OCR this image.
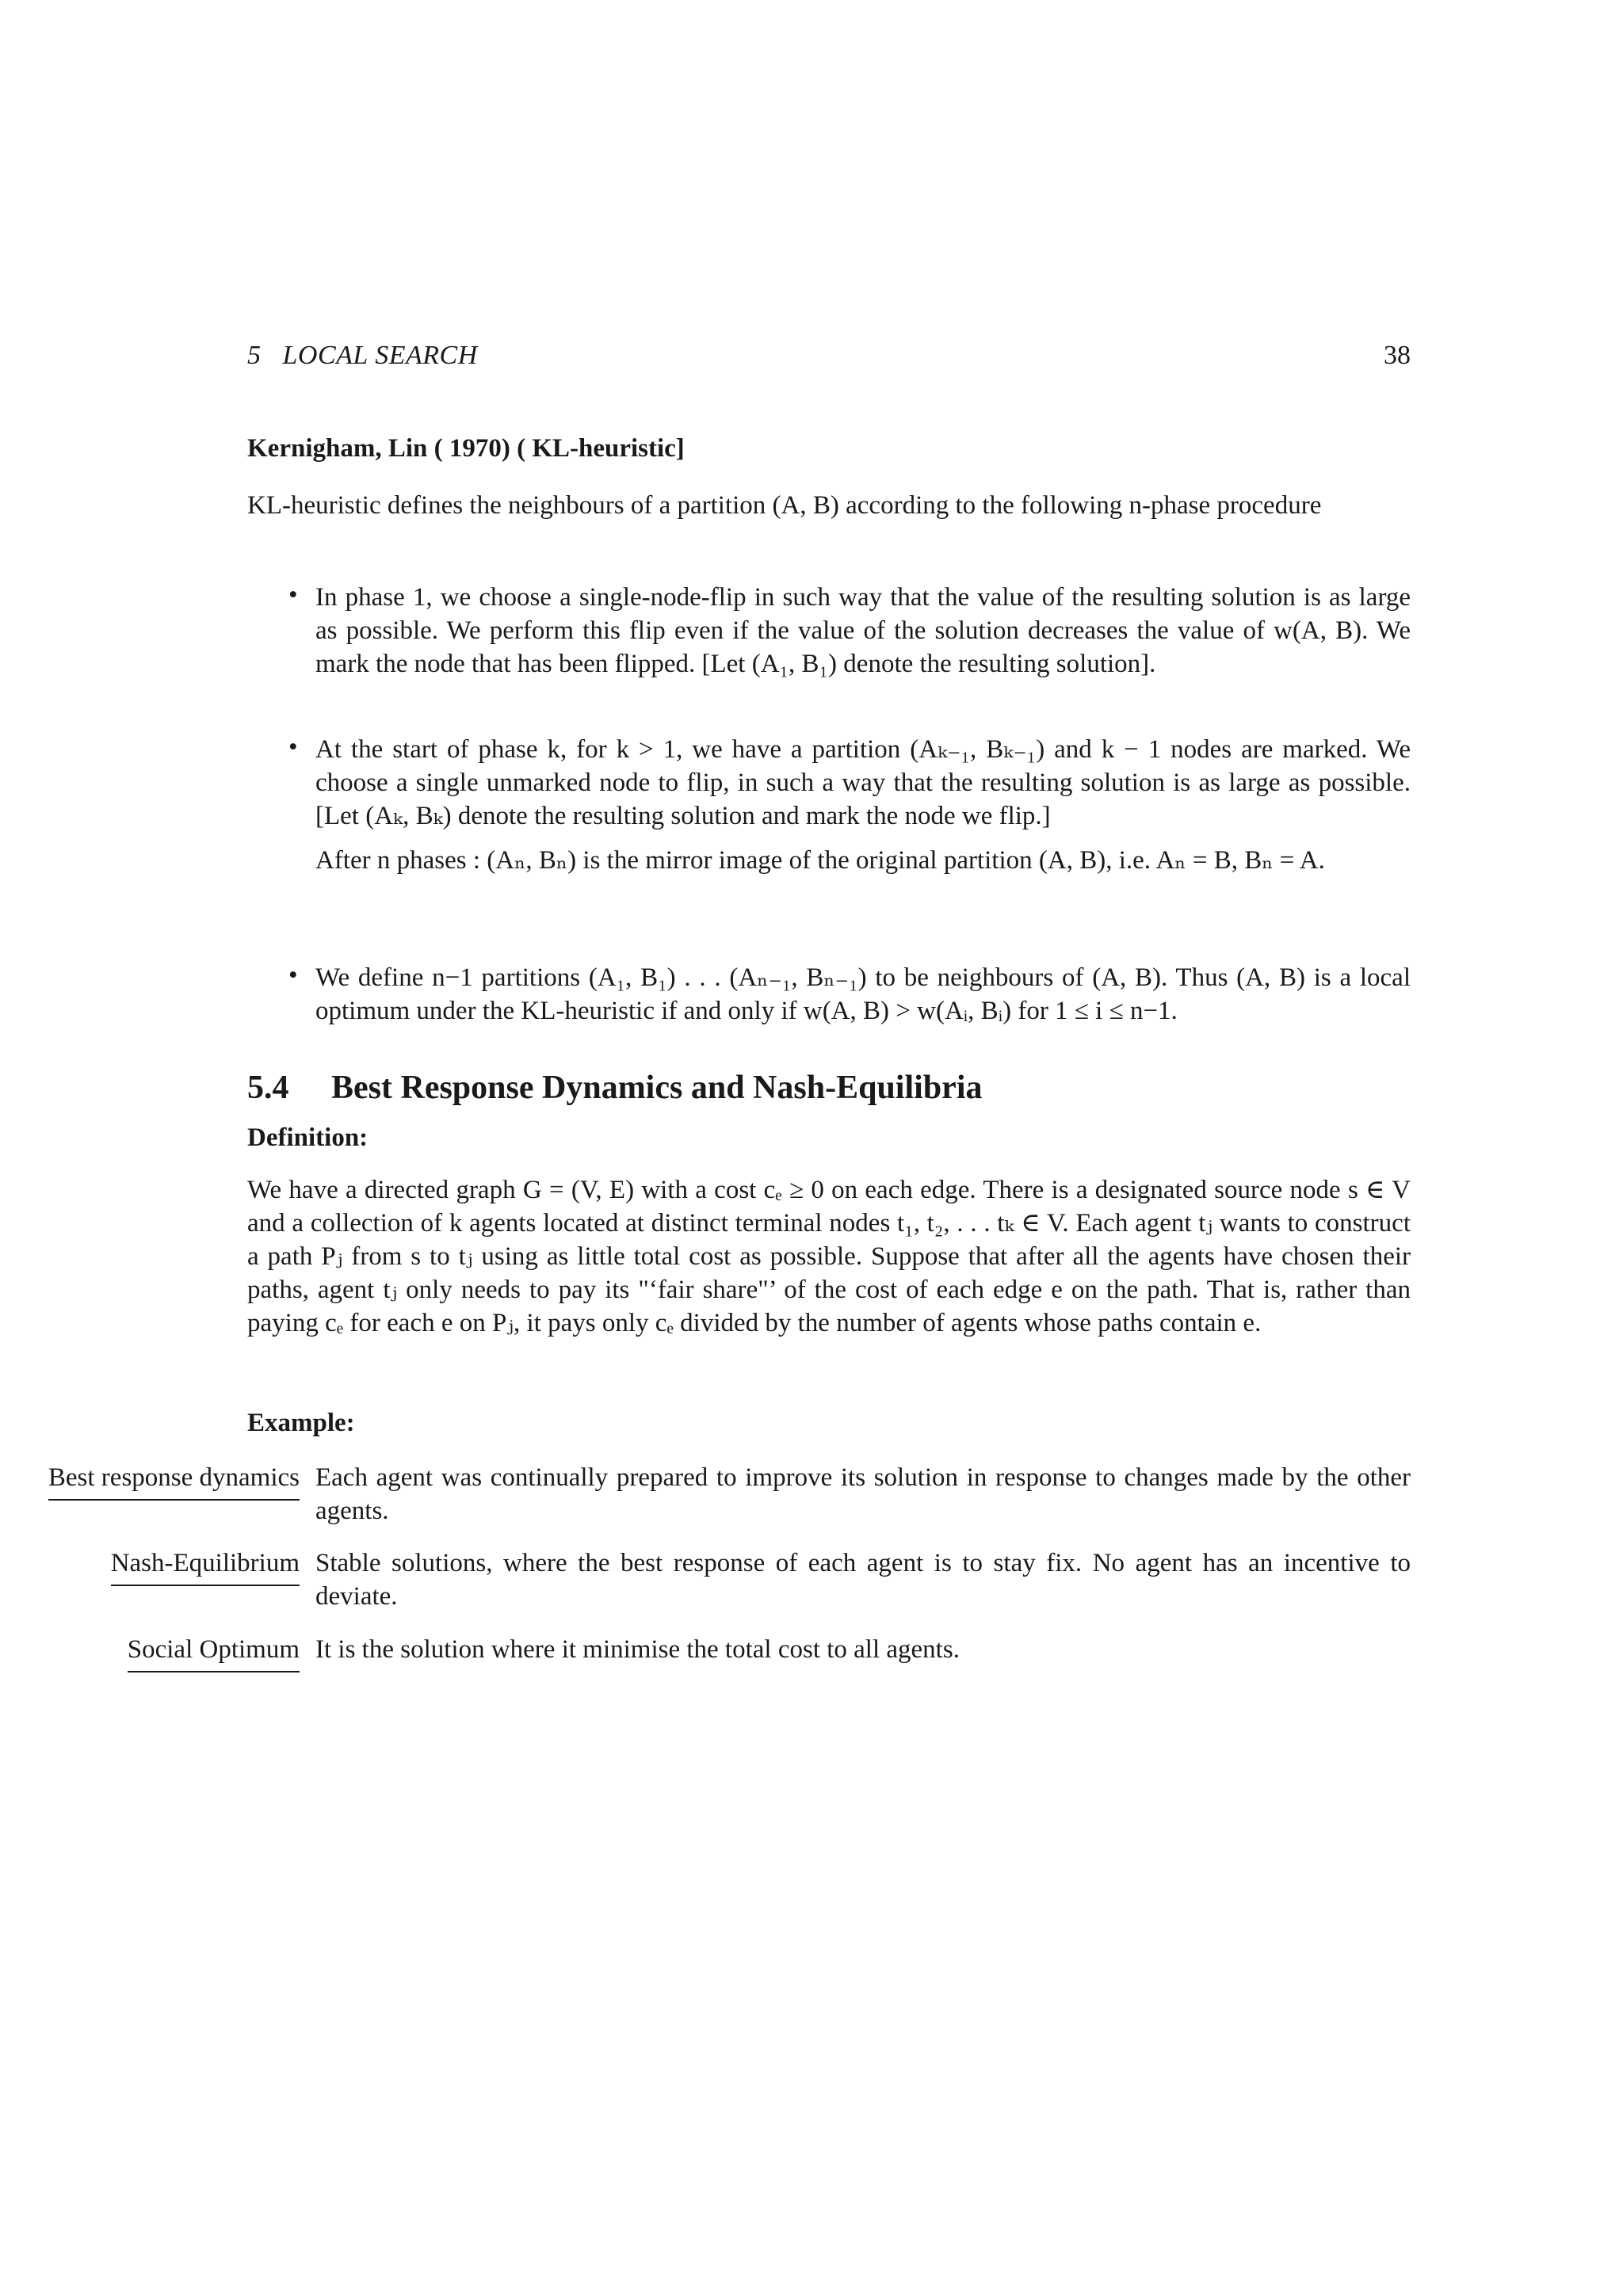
5   LOCAL SEARCH	38

Kernigham, Lin ( 1970) ( KL-heuristic]

KL-heuristic defines the neighbours of a partition (A, B) according to the following n-phase procedure

• In phase 1, we choose a single-node-flip in such way that the value of the resulting solution is as large as possible. We perform this flip even if the value of the solution decreases the value of w(A, B). We mark the node that has been flipped. [Let (A₁, B₁) denote the resulting solution].

• At the start of phase k, for k > 1, we have a partition (Aₖ₋₁, Bₖ₋₁) and k − 1 nodes are marked. We choose a single unmarked node to flip, in such a way that the resulting solution is as large as possible. [Let (Aₖ, Bₖ) denote the resulting solution and mark the node we flip.]

After n phases : (Aₙ, Bₙ) is the mirror image of the original partition (A, B), i.e. Aₙ = B, Bₙ = A.

• We define n−1 partitions (A₁, B₁) . . . (Aₙ₋₁, Bₙ₋₁) to be neighbours of (A, B). Thus (A, B) is a local optimum under the KL-heuristic if and only if w(A, B) > w(Aᵢ, Bᵢ) for 1 ≤ i ≤ n−1.

5.4 Best Response Dynamics and Nash-Equilibria

Definition:

We have a directed graph G = (V, E) with a cost cₑ ≥ 0 on each edge. There is a designated source node s ∈ V and a collection of k agents located at distinct terminal nodes t₁, t₂, . . . tₖ ∈ V. Each agent tⱼ wants to construct a path Pⱼ from s to tⱼ using as little total cost as possible. Suppose that after all the agents have chosen their paths, agent tⱼ only needs to pay its "‘fair share"’ of the cost of each edge e on the path. That is, rather than paying cₑ for each e on Pⱼ, it pays only cₑ divided by the number of agents whose paths contain e.

Example:

Best response dynamics Each agent was continually prepared to improve its solution in response to changes made by the other agents.

Nash-Equilibrium Stable solutions, where the best response of each agent is to stay fix. No agent has an incentive to deviate.

Social Optimum It is the solution where it minimise the total cost to all agents.
